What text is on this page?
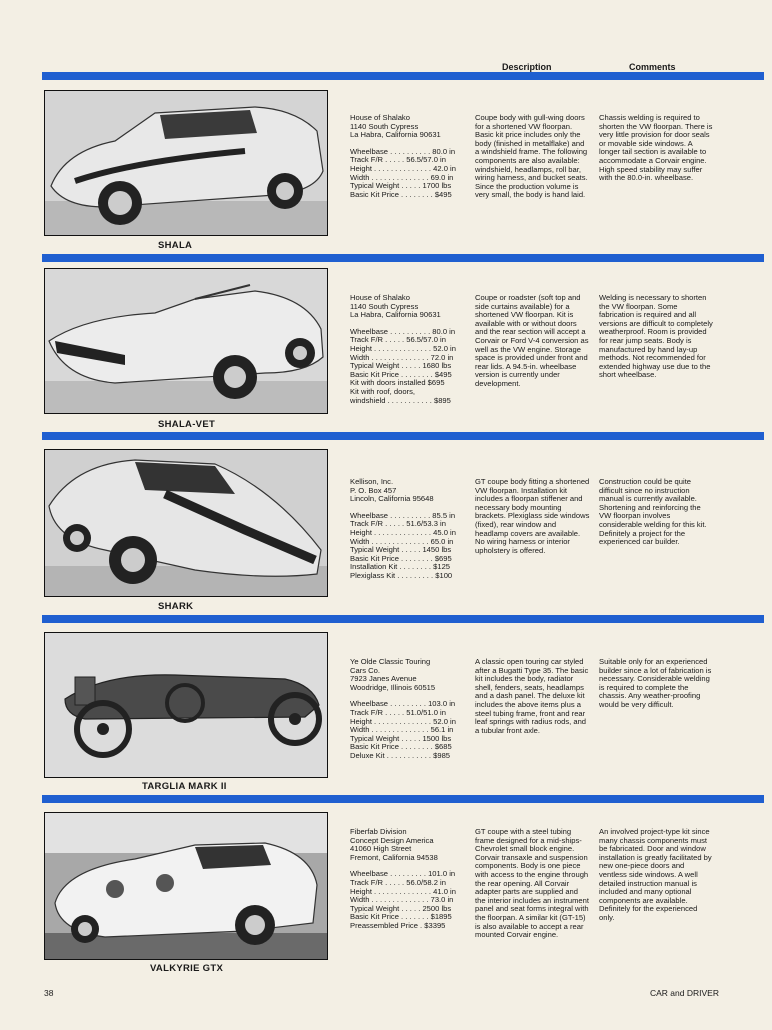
Description	Comments
SHALA
House of Shalako
1140 South Cypress
La Habra, California 90631
Wheelbase . . . . . . . . . . 80.0 in
Track F/R . . . . . 56.5/57.0 in
Height . . . . . . . . . . . . . . 42.0 in
Width . . . . . . . . . . . . . . 69.0 in
Typical Weight . . . . . 1700 lbs
Basic Kit Price . . . . . . . . $495
Coupe body with gull-wing doors for a shortened VW floorpan. Basic kit price includes only the body (finished in metalflake) and a windshield frame. The following components are also available: windshield, headlamps, roll bar, wiring harness, and bucket seats. Since the production volume is very small, the body is hand laid.
Chassis welding is required to shorten the VW floorpan. There is very little provision for door seals or movable side windows. A longer tail section is available to accommodate a Corvair engine. High speed stability may suffer with the 80.0-in. wheelbase.
SHALA-VET
House of Shalako
1140 South Cypress
La Habra, California 90631
Wheelbase . . . . . . . . . . 80.0 in
Track F/R . . . . . 56.5/57.0 in
Height . . . . . . . . . . . . . . 52.0 in
Width . . . . . . . . . . . . . . 72.0 in
Typical Weight . . . . . 1680 lbs
Basic Kit Price . . . . . . . . $495
Kit with doors installed $695
Kit with roof, doors,
windshield . . . . . . . . . . . $895
Coupe or roadster (soft top and side curtains available) for a shortened VW floorpan. Kit is available with or without doors and the rear section will accept a Corvair or Ford V-4 conversion as well as the VW engine. Storage space is provided under front and rear lids. A 94.5-in. wheelbase version is currently under development.
Welding is necessary to shorten the VW floorpan. Some fabrication is required and all versions are difficult to completely weatherproof. Room is provided for rear jump seats. Body is manufactured by hand lay-up methods. Not recommended for extended highway use due to the short wheelbase.
SHARK
Kellison, Inc.
P. O. Box 457
Lincoln, California 95648
Wheelbase . . . . . . . . . . 85.5 in
Track F/R . . . . . 51.6/53.3 in
Height . . . . . . . . . . . . . . 45.0 in
Width . . . . . . . . . . . . . . 65.0 in
Typical Weight . . . . . 1450 lbs
Basic Kit Price . . . . . . . . $695
Installation Kit . . . . . . . . $125
Plexiglass Kit . . . . . . . . . $100
GT coupe body fitting a shortened VW floorpan. Installation kit includes a floorpan stiffener and necessary body mounting brackets. Plexiglass side windows (fixed), rear window and headlamp covers are available. No wiring harness or interior upholstery is offered.
Construction could be quite difficult since no instruction manual is currently available. Shortening and reinforcing the VW floorpan involves considerable welding for this kit. Definitely a project for the experienced car builder.
TARGLIA MARK II
Ye Olde Classic Touring
Cars Co.
7923 Janes Avenue
Woodridge, Illinois 60515
Wheelbase . . . . . . . . . 103.0 in
Track F/R . . . . . 51.0/51.0 in
Height . . . . . . . . . . . . . . 52.0 in
Width . . . . . . . . . . . . . . 56.1 in
Typical Weight . . . . . 1500 lbs
Basic Kit Price . . . . . . . . $685
Deluxe Kit . . . . . . . . . . . $985
A classic open touring car styled after a Bugatti Type 35. The basic kit includes the body, radiator shell, fenders, seats, headlamps and a dash panel. The deluxe kit includes the above items plus a steel tubing frame, front and rear leaf springs with radius rods, and a tubular front axle.
Suitable only for an experienced builder since a lot of fabrication is necessary. Considerable welding is required to complete the chassis. Any weather-proofing would be very difficult.
VALKYRIE GTX
Fiberfab Division
Concept Design America
41060 High Street
Fremont, California 94538
Wheelbase . . . . . . . . . 101.0 in
Track F/R . . . . . 56.0/58.2 in
Height . . . . . . . . . . . . . . 41.0 in
Width . . . . . . . . . . . . . . 73.0 in
Typical Weight . . . . . 2500 lbs
Basic Kit Price . . . . . . . $1895
Preassembled Price . $3395
GT coupe with a steel tubing frame designed for a mid-ships-Chevrolet small block engine. Corvair transaxle and suspension components. Body is one piece with access to the engine through the rear opening. All Corvair adapter parts are supplied and the interior includes an instrument panel and seat forms integral with the floorpan. A similar kit (GT-15) is also available to accept a rear mounted Corvair engine.
An involved project-type kit since many chassis components must be fabricated. Door and window installation is greatly facilitated by new one-piece doors and ventless side windows. A well detailed instruction manual is included and many optional components are available. Definitely for the experienced only.
38	CAR and DRIVER
